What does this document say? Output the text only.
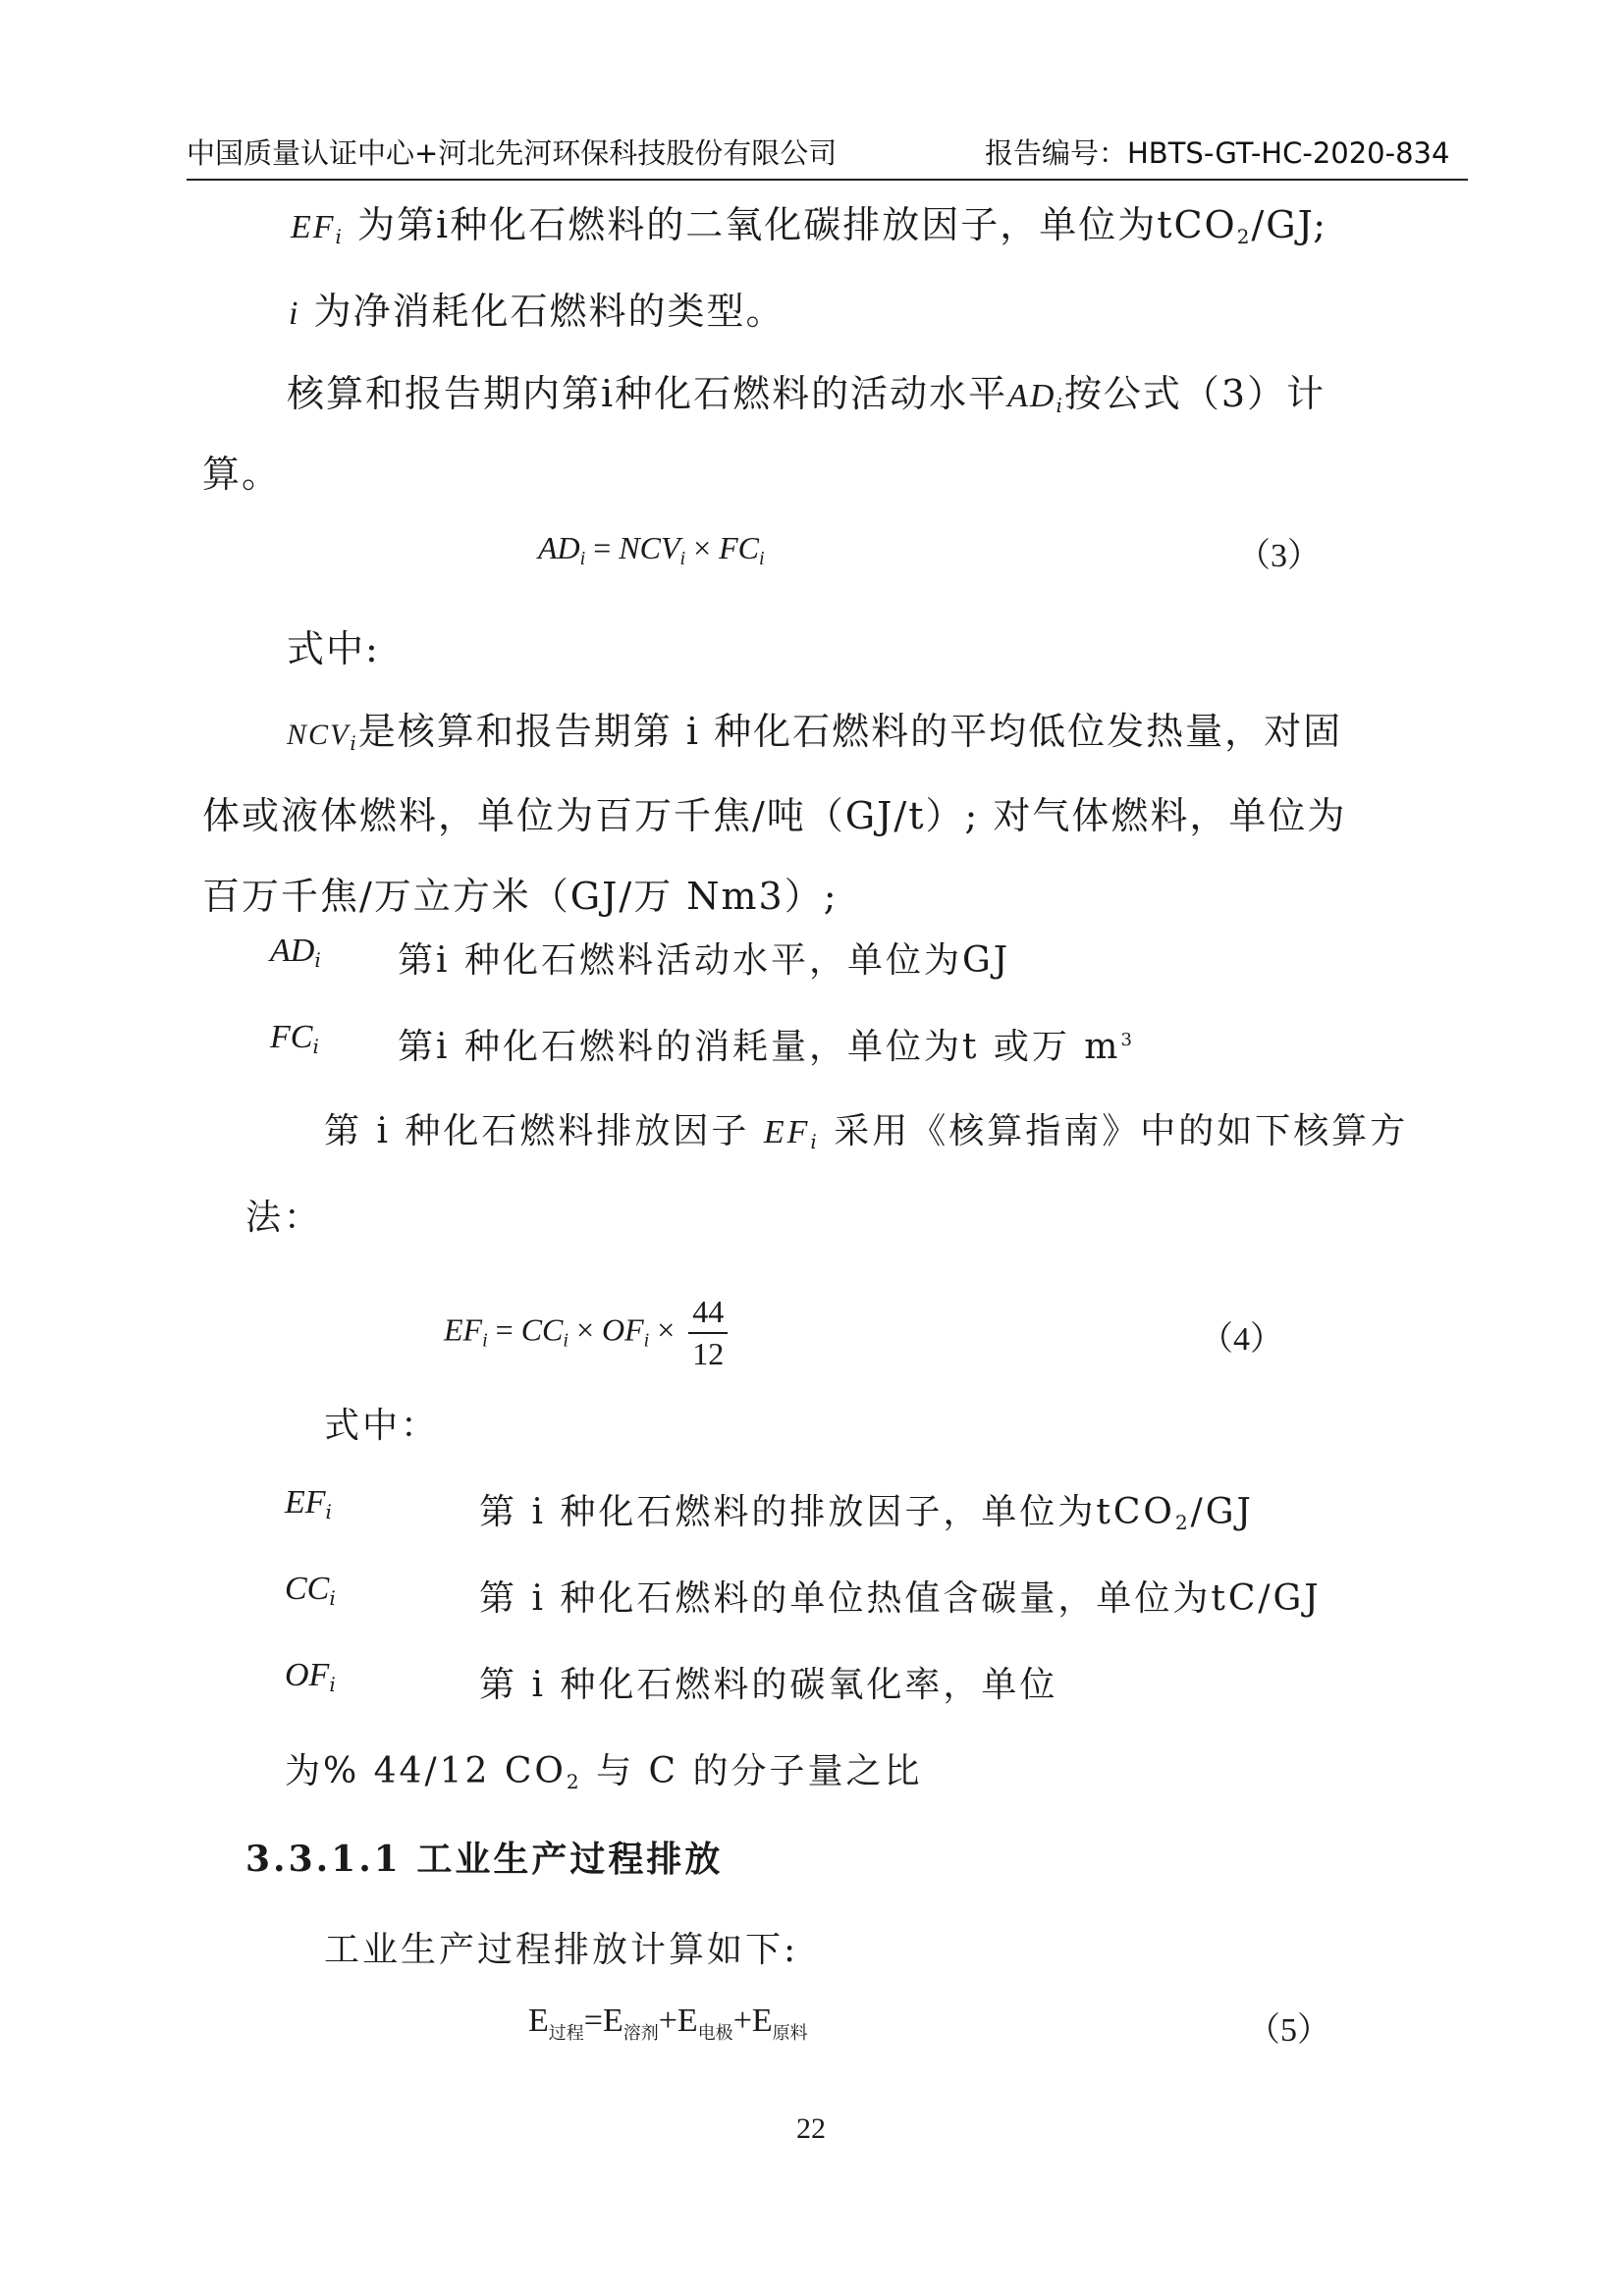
中国质量认证中心+河北先河环保科技股份有限公司	报告编号：HBTS-GT-HC-2020-834
$EF_i$ 为第i种化石燃料的二氧化碳排放因子，单位为tCO$_2$/GJ;
i 为净消耗化石燃料的类型。
核算和报告期内第i种化石燃料的活动水平$AD_i$按公式（3）计
算。
$AD_i = NCV_i \times FC_i$	（3）
式中:
$NCV_i$是核算和报告期第 i 种化石燃料的平均低位发热量，对固
体或液体燃料，单位为百万千焦/吨（GJ/t）; 对气体燃料，单位为
百万千焦/万立方米（GJ/万 Nm3）;
$AD_i$ 第i 种化石燃料活动水平，单位为GJ
$FC_i$ 第i 种化石燃料的消耗量，单位为t 或万 $m^3$
第 i 种化石燃料排放因子 $EF_i$ 采用《核算指南》中的如下核算方
法：
$EF_i = CC_i \times OF_i \times \frac{44}{12}$	（4）
式中：
$EF_i$	第 i 种化石燃料的排放因子，单位为tCO$_2$/GJ
$CC_i$	第 i 种化石燃料的单位热值含碳量，单位为tC/GJ
$OF_i$	第 i 种化石燃料的碳氧化率，单位
为% 44/12 $CO_2$ 与 C 的分子量之比
3.3.1.1 工业生产过程排放
工业生产过程排放计算如下:
$E_{过程}=E_{溶剂}+E_{电极}+E_{原料}$	（5）
22
